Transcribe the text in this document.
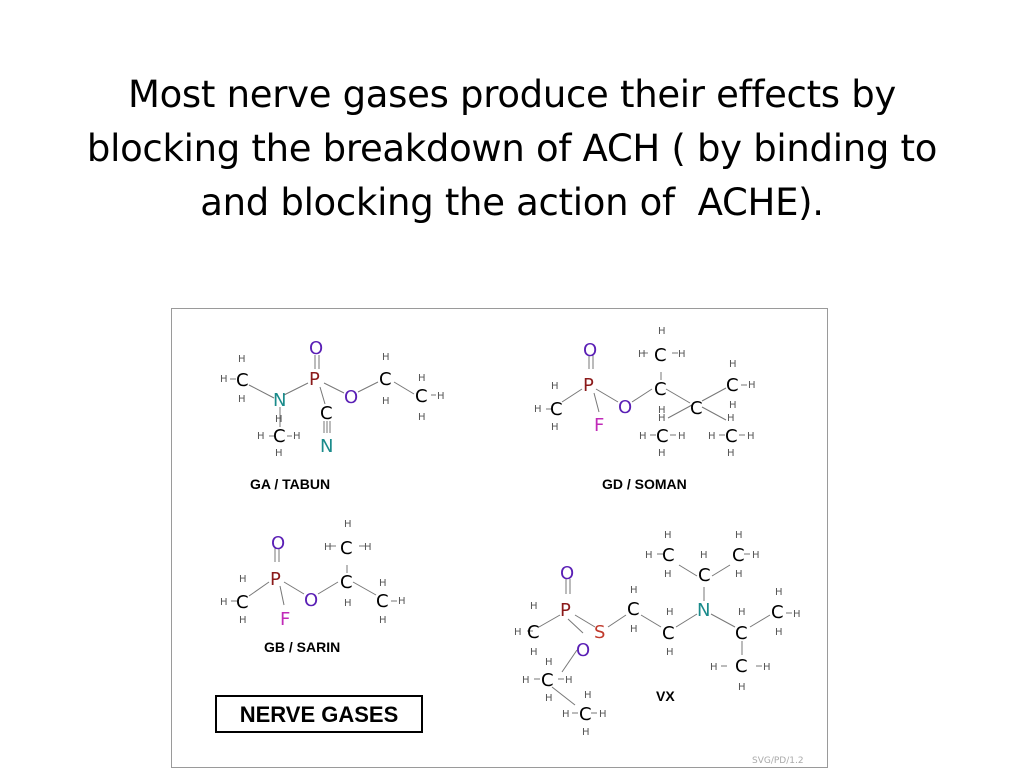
Most nerve gases produce their effects by
blocking the breakdown of ACH ( by binding to
and blocking the action of  ACHE).
H
H
H
C
N
O
P
O
C
N
H
H C H
H
H
C
H
H
C H
H
GA / TABUN
H
H C H
O
P
H
H C
H
O
F
C
H C
H
C H
H
H
H C H
H
H
H C H
H
GD / SOMAN
H
H C H
O
P
H
H C
H
O
F
C
H
H
C H
H
GB / SARIN
H
H C
H
H
C
H
C H
H
O
P
H
H C
H
S
O
H
C
H
H
C
H
N	H
C
H
C H
H
H C H
H
H
H C H
H	H
H C H
H
VX
NERVE GASES
SVG/PD/1.2
